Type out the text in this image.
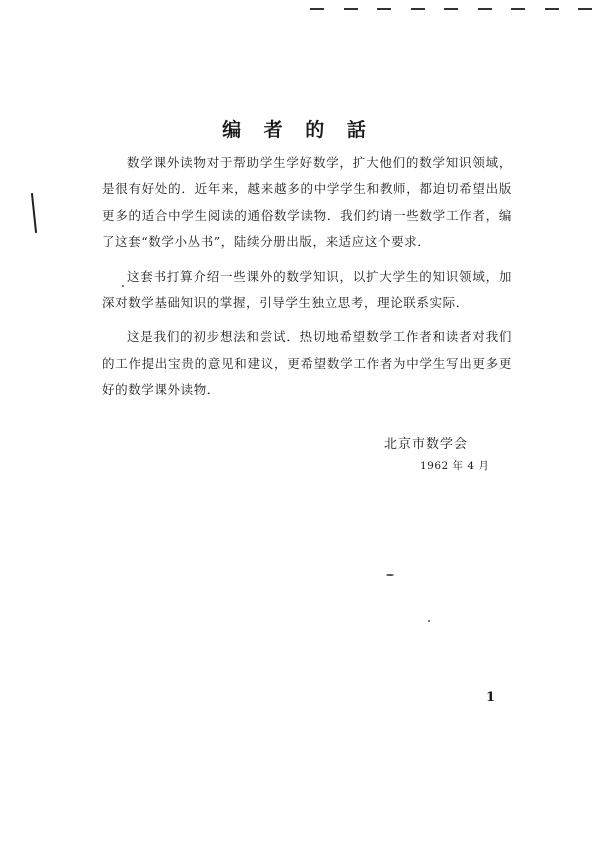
编 者 的 話

数学课外读物对于帮助学生学好数学，扩大他们的数学知识领域，是很有好处的．近年来，越来越多的中学学生和教师，都迫切希望出版更多的适合中学生阅读的通俗数学读物．我们约请一些数学工作者，编了这套“数学小丛书”，陆续分册出版，来适应这个要求．

这套书打算介绍一些课外的数学知识，以扩大学生的知识领域，加深对数学基础知识的掌握，引导学生独立思考，理论联系实际．

这是我们的初步想法和尝试．热切地希望数学工作者和读者对我们的工作提出宝贵的意见和建议，更希望数学工作者为中学生写出更多更好的数学课外读物．

北京市数学会
1962 年 4 月
1
